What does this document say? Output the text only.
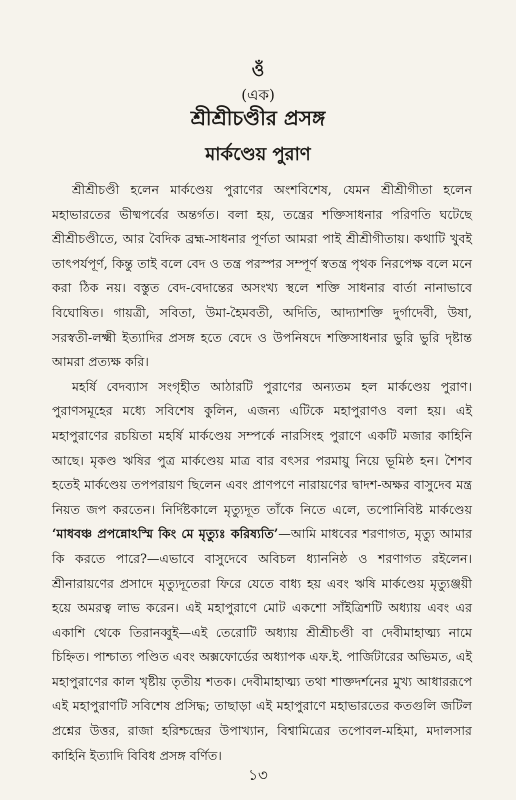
ওঁ
(এক)
শ্রীশ্রীচণ্ডীর প্রসঙ্গ
মার্কণ্ডেয় পুরাণ

শ্রীশ্রীচণ্ডী হলেন মার্কণ্ডেয় পুরাণের অংশবিশেষ, যেমন শ্রীশ্রীগীতা হলেন মহাভারতের ভীষ্মপর্বের অন্তর্গত। বলা হয়, তন্ত্রের শক্তিসাধনার পরিণতি ঘটেছে শ্রীশ্রীচণ্ডীতে, আর বৈদিক ব্রহ্ম-সাধনার পূর্ণতা আমরা পাই শ্রীশ্রীগীতায়। কথাটি খুবই তাৎপর্যপূর্ণ, কিন্তু তাই বলে বেদ ও তন্ত্র পরস্পর সম্পূর্ণ স্বতন্ত্র পৃথক নিরপেক্ষ বলে মনে করা ঠিক নয়। বস্তুত বেদ-বেদান্তের অসংখ্য স্থলে শক্তি সাধনার বার্তা নানাভাবে বিঘোষিত। গায়ত্রী, সবিতা, উমা-হৈমবতী, অদিতি, আদ্যাশক্তি দুর্গাদেবী, উষা, সরস্বতী-লক্ষ্মী ইত্যাদির প্রসঙ্গ হতে বেদে ও উপনিষদে শক্তিসাধনার ভুরি ভুরি দৃষ্টান্ত আমরা প্রত্যক্ষ করি।

মহর্ষি বেদব্যাস সংগৃহীত আঠারটি পুরাণের অন্যতম হল মার্কণ্ডেয় পুরাণ। পুরাণসমূহের মধ্যে সবিশেষ কুলিন, এজন্য এটিকে মহাপুরাণও বলা হয়। এই মহাপুরাণের রচয়িতা মহর্ষি মার্কণ্ডেয় সম্পর্কে নারসিংহ পুরাণে একটি মজার কাহিনি আছে। মৃকণ্ড ঋষির পুত্র মার্কণ্ডেয় মাত্র বার বৎসর পরমায়ু নিয়ে ভূমিষ্ঠ হন। শৈশব হতেই মার্কণ্ডেয় তপপরায়ণ ছিলেন এবং প্রাণপণে নারায়ণের দ্বাদশ-অক্ষর বাসুদেব মন্ত্র নিয়ত জপ করতেন। নির্দিষ্টকালে মৃত্যুদূত তাঁকে নিতে এলে, তপোনিবিষ্ট মার্কণ্ডেয় ‘মাধবঞ্চ প্রপন্নোঽস্মি কিং মে মৃত্যুঃ করিষ্যতি’—আমি মাধবের শরণাগত, মৃত্যু আমার কি করতে পারে?—এভাবে বাসুদেবে অবিচল ধ্যাননিষ্ঠ ও শরণাগত রইলেন। শ্রীনারায়ণের প্রসাদে মৃত্যুদূতেরা ফিরে যেতে বাধ্য হয় এবং ঋষি মার্কণ্ডেয় মৃত্যুঞ্জয়ী হয়ে অমরত্ব লাভ করেন। এই মহাপুরাণে মোট একশো সাঁইত্রিশটি অধ্যায় এবং এর একাশি থেকে তিরানব্বুই—এই তেরোটি অধ্যায় শ্রীশ্রীচণ্ডী বা দেবীমাহাত্ম্য নামে চিহ্নিত। পাশ্চাত্য পণ্ডিত এবং অক্সফোর্ডের অধ্যাপক এফ.ই. পার্জিটারের অভিমত, এই মহাপুরাণের কাল খৃষ্টীয় তৃতীয় শতক। দেবীমাহাত্ম্য তথা শাক্তদর্শনের মুখ্য আধাররূপে এই মহাপুরাণটি সবিশেষ প্রসিদ্ধ; তাছাড়া এই মহাপুরাণে মহাভারতের কতগুলি জটিল প্রশ্নের উত্তর, রাজা হরিশ্চন্দ্রের উপাখ্যান, বিশ্বামিত্রের তপোবল-মহিমা, মদালসার কাহিনি ইত্যাদি বিবিধ প্রসঙ্গ বর্ণিত।

১৩
